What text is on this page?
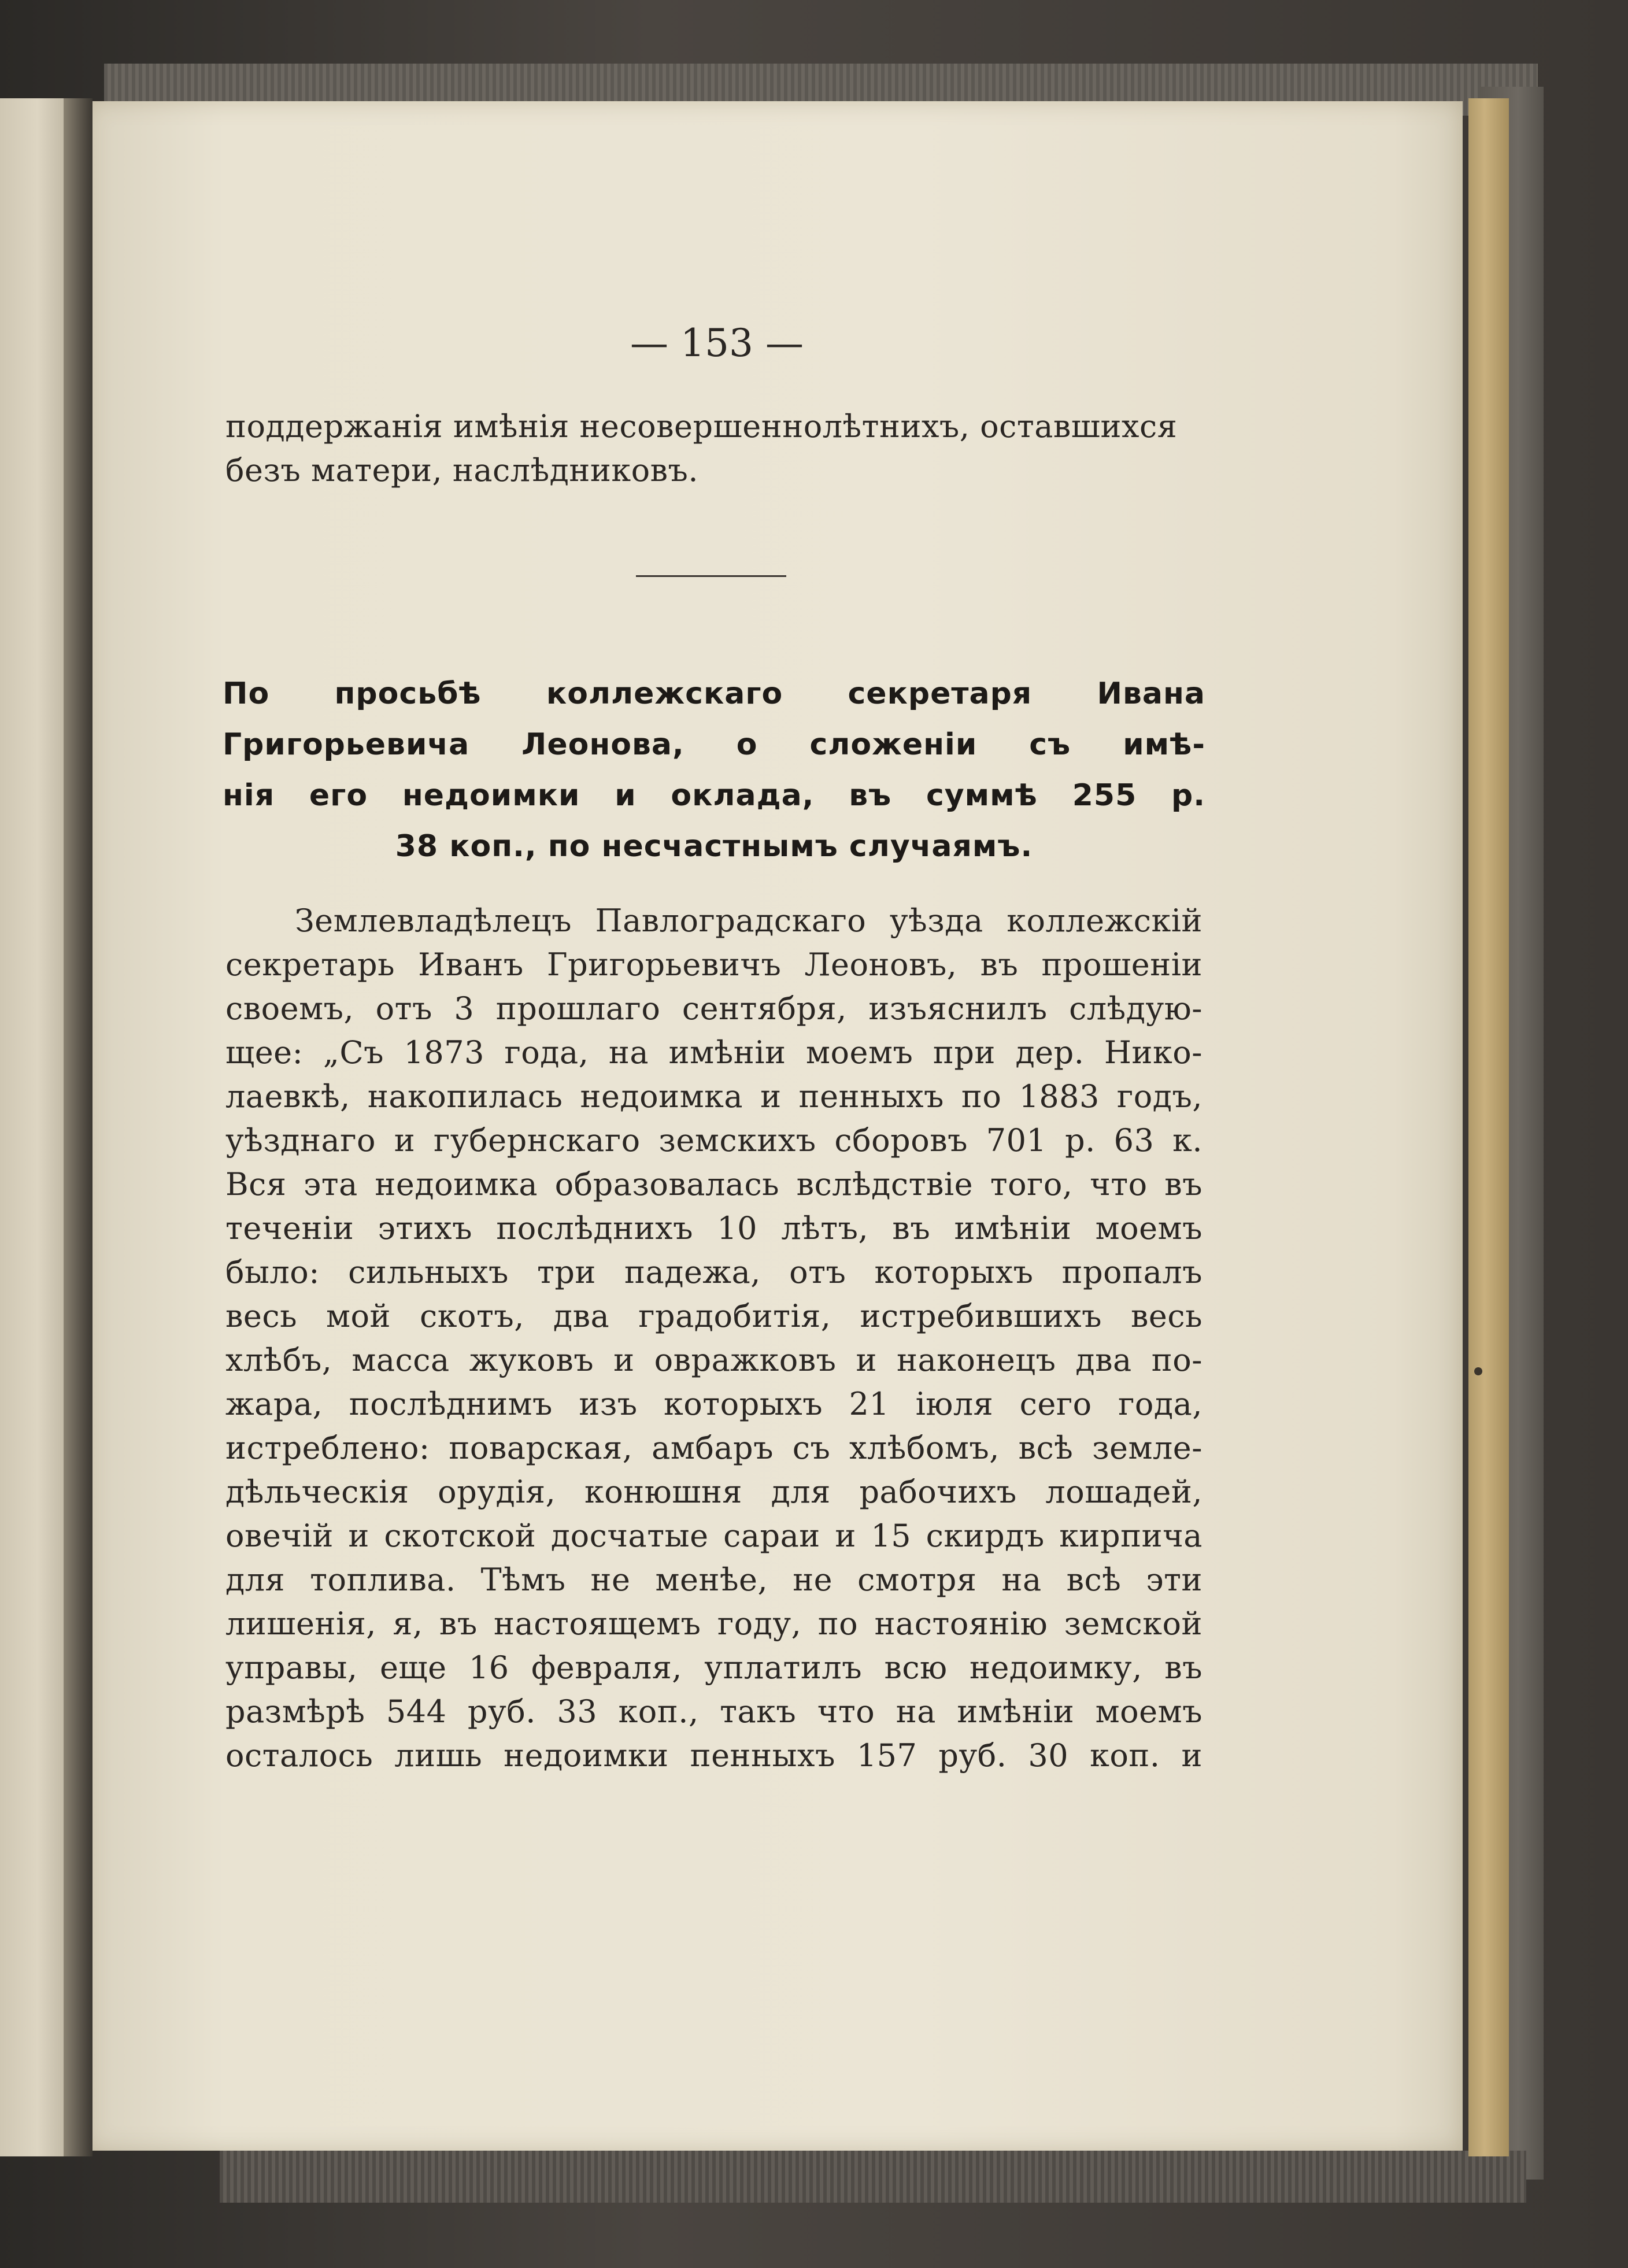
— 153 —
поддержанія имѣнія несовершеннолѣтнихъ, оставшихся
безъ матери, наслѣдниковъ.
По просьбѣ коллежскаго секретаря Ивана
Григорьевича Леонова, о сложеніи съ имѣ-
нія его недоимки и оклада, въ суммѣ 255 р.
38 коп., по несчастнымъ случаямъ.
Землевладѣлецъ Павлоградскаго уѣзда коллежскій
секретарь Иванъ Григорьевичъ Леоновъ, въ прошеніи
своемъ, отъ 3 прошлаго сентября, изъяснилъ слѣдую-
щее: „Съ 1873 года, на имѣніи моемъ при дер. Нико-
лаевкѣ, накопилась недоимка и пенныхъ по 1883 годъ,
уѣзднаго и губернскаго земскихъ сборовъ 701 р. 63 к.
Вся эта недоимка образовалась вслѣдствіе того, что въ
теченіи этихъ послѣднихъ 10 лѣтъ, въ имѣніи моемъ
было: сильныхъ три падежа, отъ которыхъ пропалъ
весь мой скотъ, два градобитія, истребившихъ весь
хлѣбъ, масса жуковъ и овражковъ и наконецъ два по-
жара, послѣднимъ изъ которыхъ 21 іюля сего года,
истреблено: поварская, амбаръ съ хлѣбомъ, всѣ земле-
дѣльческія орудія, конюшня для рабочихъ лошадей,
овечій и скотской досчатые сараи и 15 скирдъ кирпича
для топлива. Тѣмъ не менѣе, не смотря на всѣ эти
лишенія, я, въ настоящемъ году, по настоянію земской
управы, еще 16 февраля, уплатилъ всю недоимку, въ
размѣрѣ 544 руб. 33 коп., такъ что на имѣніи моемъ
осталось лишь недоимки пенныхъ 157 руб. 30 коп. и
